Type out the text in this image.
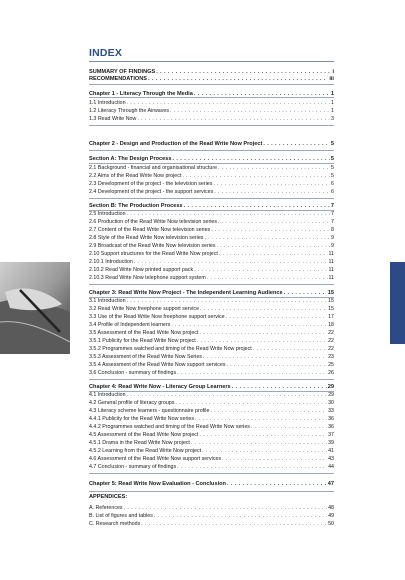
INDEX
SUMMARY OF FINDINGS . . .	i
RECOMMENDATIONS . . .	iii
Chapter 1 - Literacy Through the Media . . .	1
1.1 Introduction . . .	1
1.2 Literacy Through the Airwaves . . .	1
1.3 Read Write Now . . .	3
Chapter 2 - Design and Production of the Read Write Now Project . . .	5
Section A: The Design Process . . .	5
2.1 Background - financial and organisational structure . . .	5
2.2 Aims of the Read Write Now project . . .	5
2.3 Development of the project - the television series . . .	6
2.4 Development of the project - the support services . . .	6
Section B: The Production Process . . .	7
2.5 Introduction . . .	7
2.6 Production of the Read Write Now television series . . .	7
2.7 Content of the Read Write Now television series . . .	8
2.8 Style of the Read Write Now television series . . .	9
2.9 Broadcast of the Read Write Now television series . . .	9
2.10 Support structures for the Read Write Now project . . .	11
2.10.1 Introduction . . .	11
2.10.2 Read Write Now printed support pack . . .	11
2.10.3 Read Write Now telephone support system . . .	11
Chapter 3: Read Write Now Project - The Independent Learning Audience . . .	15
3.1 Introduction . . .	15
3.2 Read Write Now freephone support service . . .	15
3.3 Use of the Read Write Now freephone support service . . .	17
3.4 Profile of Independent learners . . .	18
3.5 Assessment of the Read Write Now project . . .	22
3.5.1 Publicity for the Read Write Now project . . .	22
3.5.2 Programmes watched and timing of the Read Write Now project . . .	22
3.5.3 Assessment of the Read Write Now Series . . .	23
3.5.4 Assessment of the Read Write Now support services . . .	25
3.6 Conclusion - summary of findings . . .	26
Chapter 4: Read Write Now - Literacy Group Learners . . .	29
4.1 Introduction . . .	29
4.2 General profile of literacy groups . . .	30
4.3 Literacy scheme learners - questionnaire profile . . .	33
4.4.1 Publicity for the Read Write Now series . . .	36
4.4.2 Programmes watched and timing of the Read Write Now series . . .	36
4.5 Assessment of the Read Write Now project . . .	37
4.5.1 Drama in the Read Write Now project . . .	39
4.5.2 Learning from the Read Write Now project . . .	41
4.6 Assessment of the Read Write Now support services . . .	43
4.7 Conclusion - summary of findings . . .	44
Chapter 5: Read Write Now Evaluation - Conclusion . . .	47
APPENDICES:
A. References . . .	48
B. List of figures and tables . . .	49
C. Research methods . . .	50
